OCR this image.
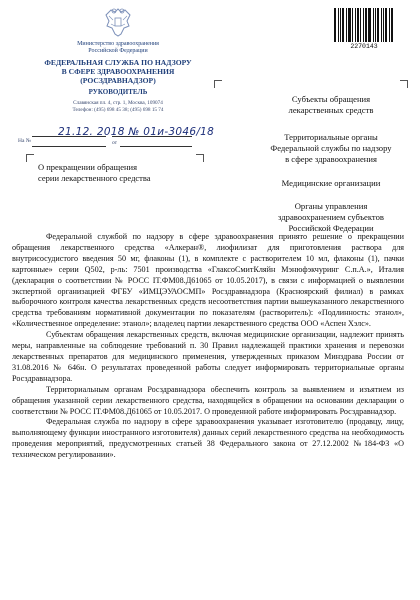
Министерство здравоохранения
Российской Федерации
ФЕДЕРАЛЬНАЯ СЛУЖБА ПО НАДЗОРУ
В СФЕРЕ ЗДРАВООХРАНЕНИЯ
(РОСЗДРАВНАДЗОР)
РУКОВОДИТЕЛЬ
Славянская пл. 4, стр. 1, Москва, 109074
Телефон: (495) 698 45 38; (495) 698 15 74
21.12. 2018 № 01и-3046/18
На №	от
О прекращении обращения
серии лекарственного средства
Субъекты обращения
лекарственных средств
Территориальные органы
Федеральной службы по надзору
в сфере здравоохранения
Медицинские организации
Органы управления
здравоохранением субъектов
Российской Федерации
2270143

Федеральной службой по надзору в сфере здравоохранения принято решение о прекращении обращения лекарственного средства «Алкеран®, лиофилизат для приготовления раствора для внутрисосудистого введения 50 мг, флаконы (1), в комплекте с растворителем 10 мл, флаконы (1), пачки картонные» серии Q502, р-ль: 7501 производства «ГлаксоСмитКляйн Мэнюфэкчуринг С.п.А.», Италия (декларация о соответствии № РОСС IT.ФМ08.Д61065 от 10.05.2017), в связи с информацией о выявлении экспертной организацией ФГБУ «ИМЦЭУАОСМП» Росздравнадзора (Красноярский филиал) в рамках выборочного контроля качества лекарственных средств несоответствия партии вышеуказанного лекарственного средства требованиям нормативной документации по показателям (растворитель): «Подлинность: этанол», «Количественное определение: этанол»; владелец партии лекарственного средства ООО «Аспен Хэлс».

Субъектам обращения лекарственных средств, включая медицинские организации, надлежит принять меры, направленные на соблюдение требований п. 30 Правил надлежащей практики хранения и перевозки лекарственных препаратов для медицинского применения, утвержденных приказом Минздрава России от 31.08.2016 № 646н. О результатах проведенной работы следует информировать территориальные органы Росздравнадзора.

Территориальным органам Росздравнадзора обеспечить контроль за выявлением и изъятием из обращения указанной серии лекарственного средства, находящейся в обращении на основании декларации о соответствии № РОСС IT.ФМ08.Д61065 от 10.05.2017. О проведенной работе информировать Росздравнадзор.

Федеральная служба по надзору в сфере здравоохранения указывает изготовителю (продавцу, лицу, выполняющему функции иностранного изготовителя) данных серий лекарственного средства на необходимость проведения мероприятий, предусмотренных статьей 38 Федерального закона от 27.12.2002 №184-ФЗ «О техническом регулировании».
